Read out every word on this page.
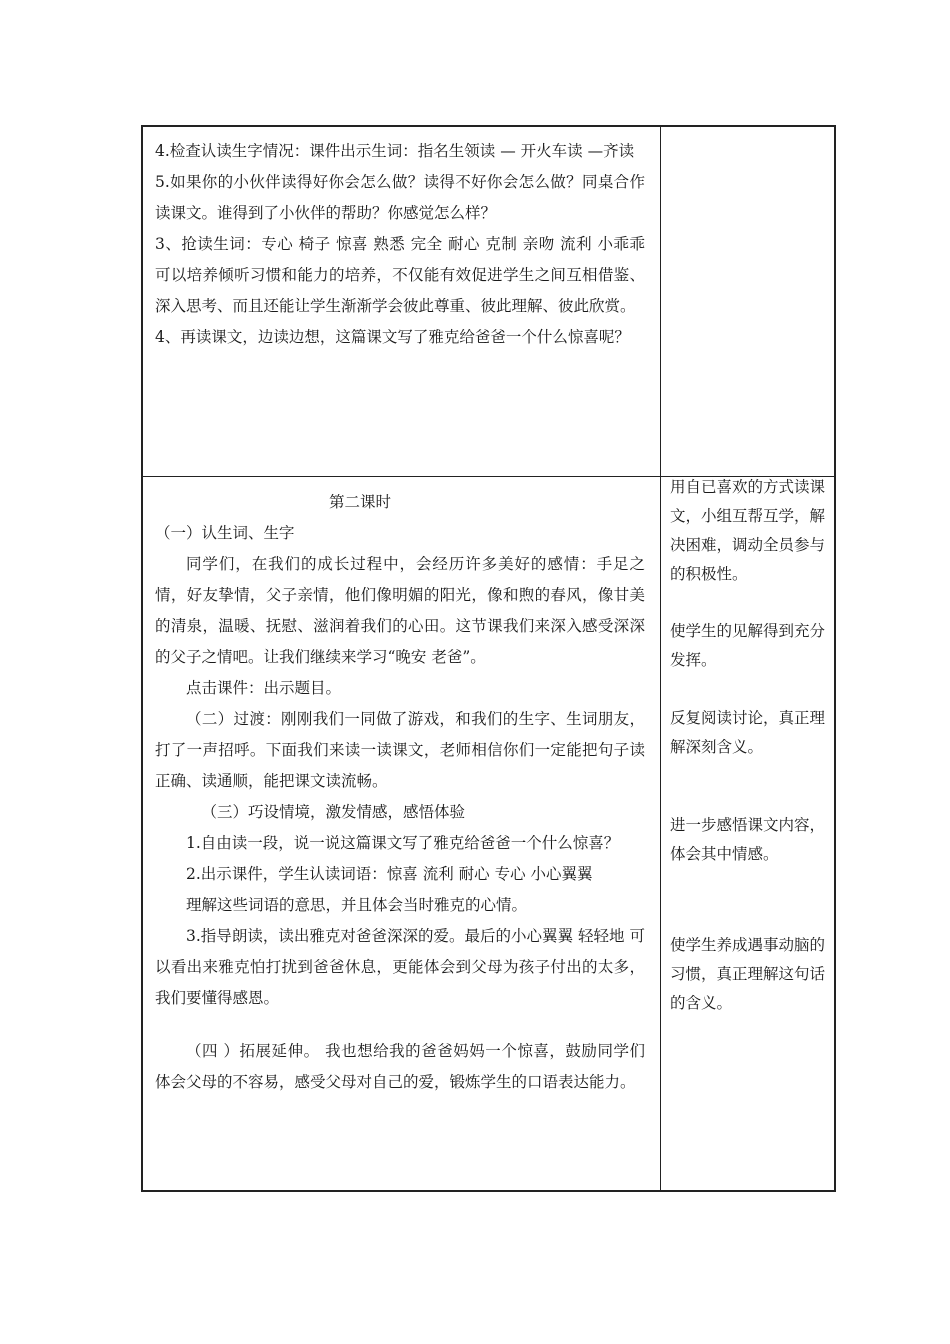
4.检查认读生字情况：课件出示生词：指名生领读 — 开火车读 —齐读

5.如果你的小伙伴读得好你会怎么做？读得不好你会怎么做？同桌合作读课文。谁得到了小伙伴的帮助？你感觉怎么样？

3、抢读生词：专心 椅子 惊喜 熟悉 完全 耐心 克制 亲吻 流利 小乖乖 可以培养倾听习惯和能力的培养，不仅能有效促进学生之间互相借鉴、深入思考、而且还能让学生渐渐学会彼此尊重、彼此理解、彼此欣赏。

4、再读课文，边读边想，这篇课文写了雅克给爸爸一个什么惊喜呢？

第二课时

（一）认生词、生字

同学们，在我们的成长过程中，会经历许多美好的感情：手足之情，好友挚情，父子亲情，他们像明媚的阳光，像和煦的春风，像甘美的清泉，温暖、抚慰、滋润着我们的心田。这节课我们来深入感受深深的父子之情吧。让我们继续来学习“晚安 老爸”。

点击课件：出示题目。

（二）过渡：刚刚我们一同做了游戏，和我们的生字、生词朋友，打了一声招呼。下面我们来读一读课文，老师相信你们一定能把句子读正确、读通顺，能把课文读流畅。

（三）巧设情境，激发情感，感悟体验

1.自由读一段，说一说这篇课文写了雅克给爸爸一个什么惊喜？

2.出示课件，学生认读词语：惊喜 流利 耐心 专心 小心翼翼

理解这些词语的意思，并且体会当时雅克的心情。

3.指导朗读，读出雅克对爸爸深深的爱。最后的小心翼翼 轻轻地 可以看出来雅克怕打扰到爸爸休息，更能体会到父母为孩子付出的太多，我们要懂得感恩。

（四 ）拓展延伸。 我也想给我的爸爸妈妈一个惊喜，鼓励同学们体会父母的不容易，感受父母对自己的爱，锻炼学生的口语表达能力。

用自已喜欢的方式读课文，小组互帮互学，解决困难，调动全员参与的积极性。

使学生的见解得到充分发挥。

反复阅读讨论，真正理解深刻含义。

进一步感悟课文内容，体会其中情感。

使学生养成遇事动脑的习惯，真正理解这句话的含义。
